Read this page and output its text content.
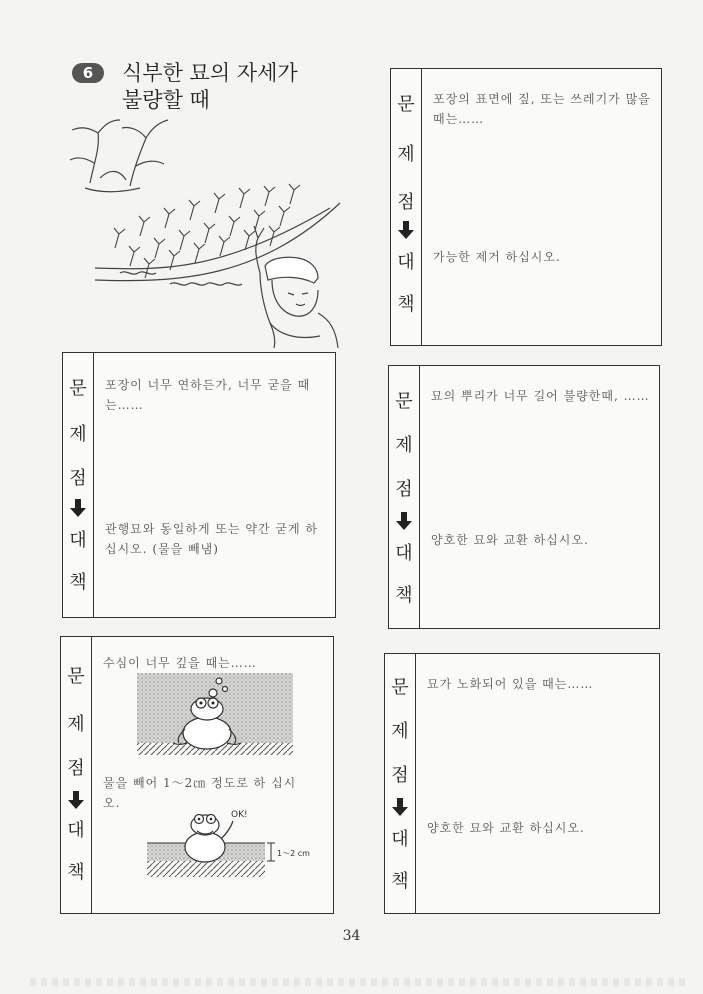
6	식부한 묘의 자세가
불량할 때	문
제
점
대
책
포장의 표면에 짚, 또는 쓰레기가 많을 때는……
가능한 제거 하십시오.
문
제
점
대
책
포장이 너무 연하든가, 너무 굳을 때는……
관행묘와 동일하게 또는 약간 굳게 하십시오. (물을 빼냄)
문
제
점
대
책
묘의 뿌리가 너무 길어 불량한때, ……
양호한 묘와 교환 하십시오.
문
제
점
대
책
수심이 너무 깊을 때는……
물을 빼어 1～2㎝ 정도로 하 십시오.
OK!
1～2 cm
문
제
점
대
책
묘가 노화되어 있을 때는……
양호한 묘와 교환 하십시오.
34
